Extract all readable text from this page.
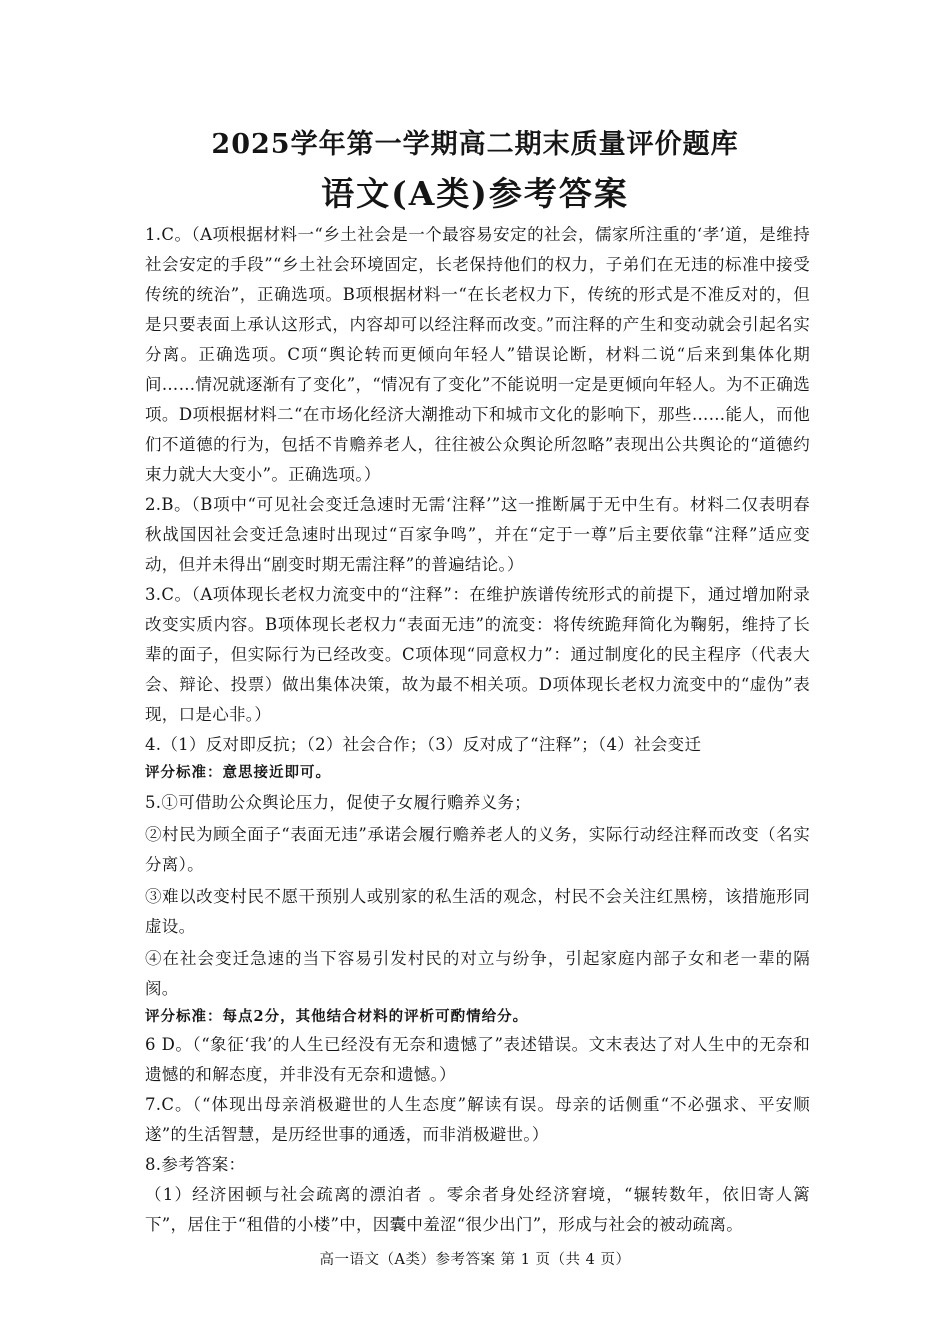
2025学年第一学期高二期末质量评价题库
语文(A类)参考答案

1.C。（A项根据材料一“乡土社会是一个最容易安定的社会，儒家所注重的‘孝’道，是维持社会安定的手段”“乡土社会环境固定，长老保持他们的权力，子弟们在无违的标准中接受传统的统治”，正确选项。B项根据材料一“在长老权力下，传统的形式是不准反对的，但是只要表面上承认这形式，内容却可以经注释而改变。”而注释的产生和变动就会引起名实分离。正确选项。C项“舆论转而更倾向年轻人”错误论断，材料二说“后来到集体化期间……情况就逐渐有了变化”，“情况有了变化”不能说明一定是更倾向年轻人。为不正确选项。D项根据材料二“在市场化经济大潮推动下和城市文化的影响下，那些……能人，而他们不道德的行为，包括不肯赡养老人，往往被公众舆论所忽略”表现出公共舆论的“道德约束力就大大变小”。正确选项。）

2.B。（B项中“可见社会变迁急速时无需‘注释’”这一推断属于无中生有。材料二仅表明春秋战国因社会变迁急速时出现过“百家争鸣”，并在“定于一尊”后主要依靠“注释”适应变动，但并未得出“剧变时期无需注释”的普遍结论。）

3.C。（A项体现长老权力流变中的“注释”：在维护族谱传统形式的前提下，通过增加附录改变实质内容。B项体现长老权力“表面无违”的流变：将传统跪拜简化为鞠躬，维持了长辈的面子，但实际行为已经改变。C项体现“同意权力”：通过制度化的民主程序（代表大会、辩论、投票）做出集体决策，故为最不相关项。D项体现长老权力流变中的“虚伪”表现，口是心非。）

4.（1）反对即反抗；（2）社会合作；（3）反对成了“注释”；（4）社会变迁

评分标准：意思接近即可。

5.①可借助公众舆论压力，促使子女履行赡养义务；

②村民为顾全面子“表面无违”承诺会履行赡养老人的义务，实际行动经注释而改变（名实分离）。

③难以改变村民不愿干预别人或别家的私生活的观念，村民不会关注红黑榜，该措施形同虚设。

④在社会变迁急速的当下容易引发村民的对立与纷争，引起家庭内部子女和老一辈的隔阂。

评分标准：每点2分，其他结合材料的评析可酌情给分。

6 D。（“象征‘我’的人生已经没有无奈和遗憾了”表述错误。文末表达了对人生中的无奈和遗憾的和解态度，并非没有无奈和遗憾。）

7.C。（“体现出母亲消极避世的人生态度”解读有误。母亲的话侧重“不必强求、平安顺遂”的生活智慧，是历经世事的通透，而非消极避世。）

8.参考答案：

（1）经济困顿与社会疏离的漂泊者 。零余者身处经济窘境，“辗转数年，依旧寄人篱下”，居住于“租借的小楼”中，因囊中羞涩“很少出门”，形成与社会的被动疏离。

高一语文（A类）参考答案 第 1 页（共 4 页）
